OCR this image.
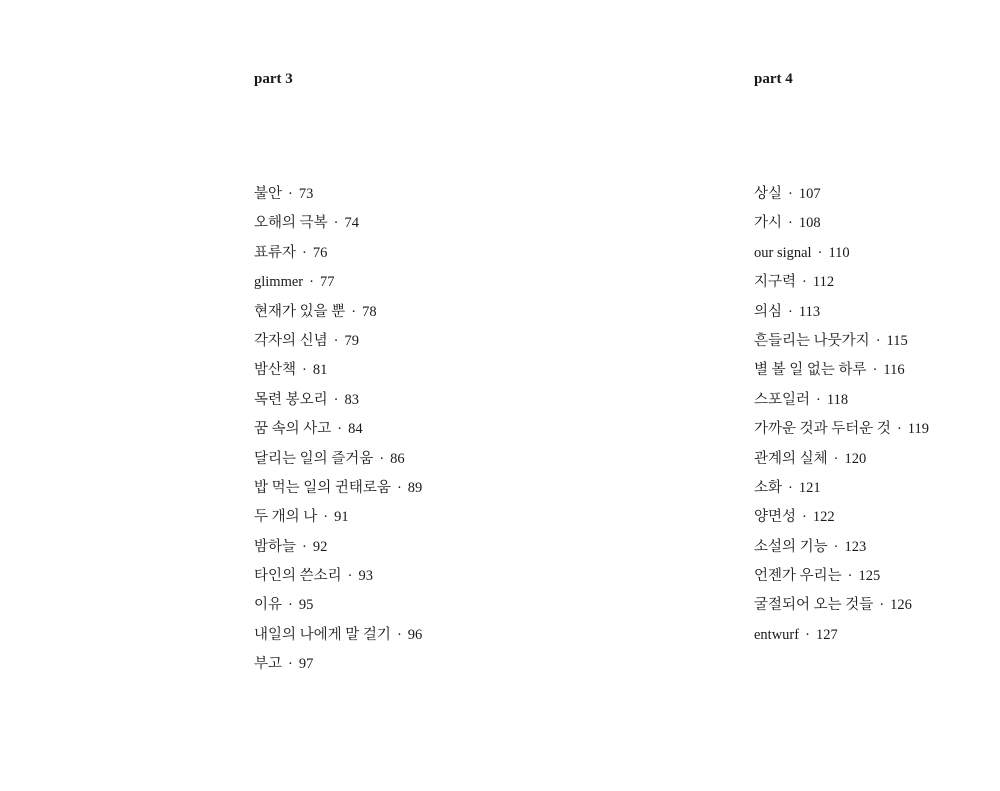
part 3
불안 · 73
오해의 극복 · 74
표류자 · 76
glimmer · 77
현재가 있을 뿐 · 78
각자의 신념 · 79
밤산책 · 81
목련 봉오리 · 83
꿈 속의 사고 · 84
달리는 일의 즐거움 · 86
밥 먹는 일의 귄태로움 · 89
두 개의 나 · 91
밤하늘 · 92
타인의 쓴소리 · 93
이유 · 95
내일의 나에게 말 걸기 · 96
부고 · 97
part 4
상실 · 107
가시 · 108
our signal · 110
지구력 · 112
의심 · 113
흔들리는 나뭇가지 · 115
별 볼 일 없는 하루 · 116
스포일러 · 118
가까운 것과 두터운 것 · 119
관계의 실체 · 120
소화 · 121
양면성 · 122
소설의 기능 · 123
언젠가 우리는 · 125
굴절되어 오는 것들 · 126
entwurf · 127
